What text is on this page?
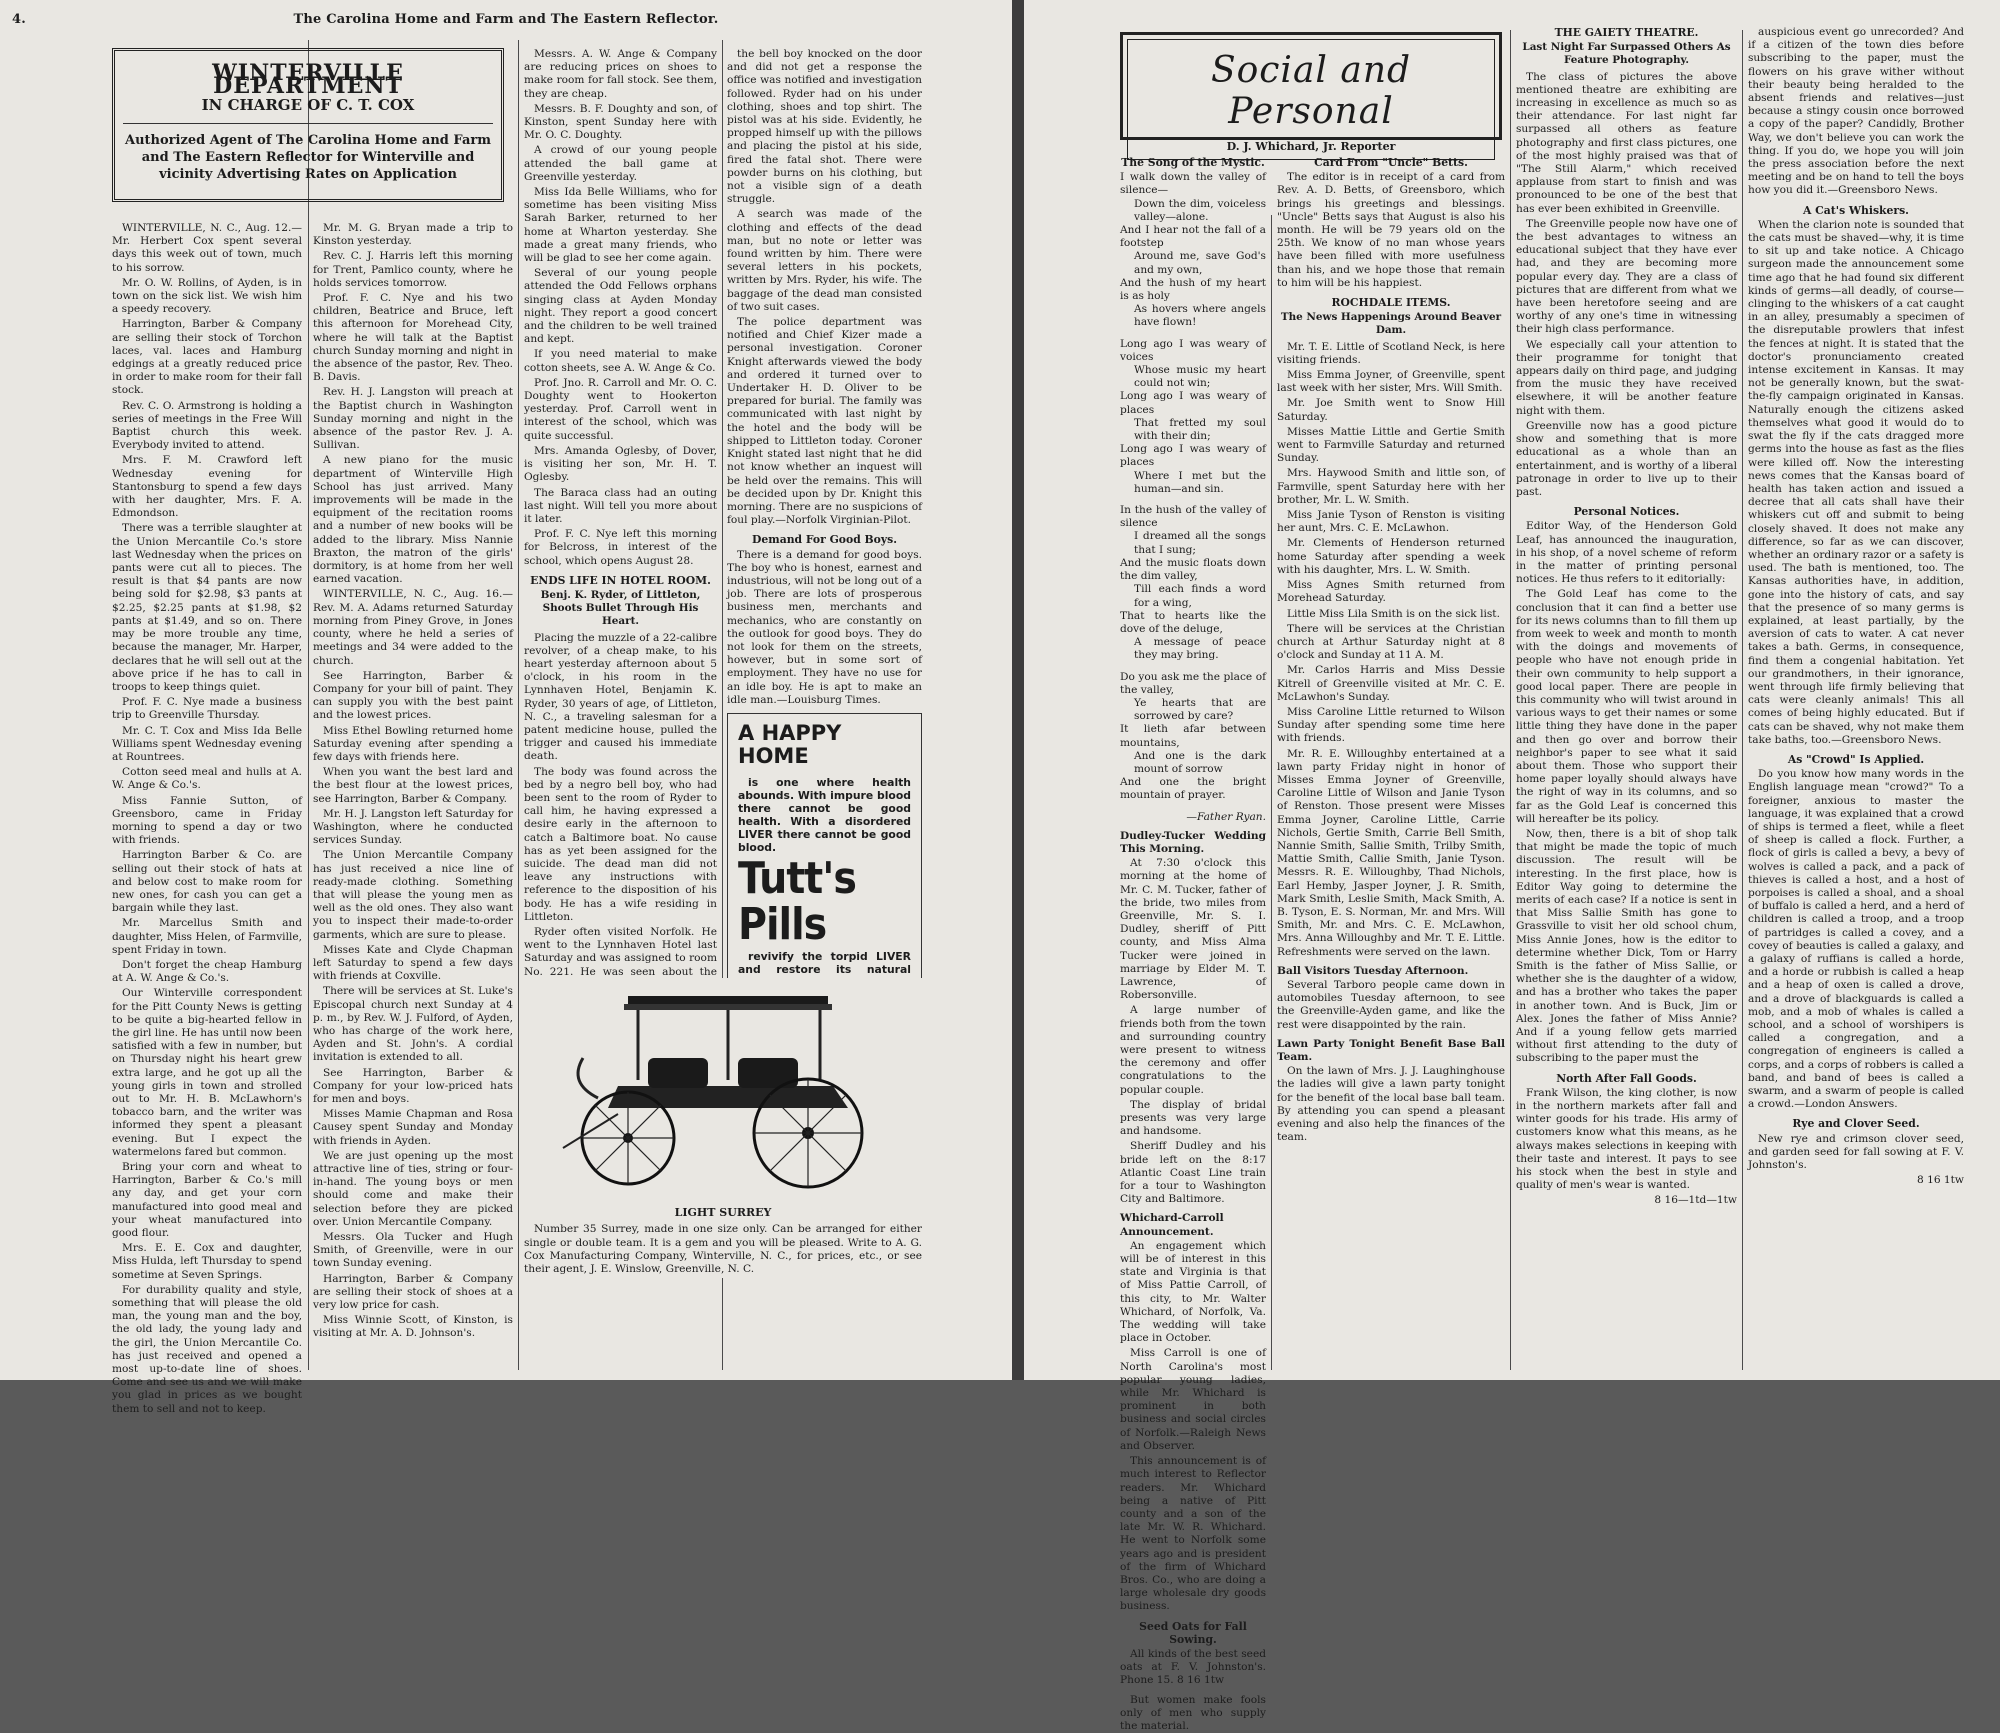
4.	The Carolina Home and Farm and The Eastern Reflector.
WINTERVILLE DEPARTMENT
IN CHARGE OF C. T. COX
Authorized Agent of The Carolina Home and Farm and The Eastern Reflector for Winterville and vicinity Advertising Rates on Application

WINTERVILLE, N. C., Aug. 12.—Mr. Herbert Cox spent several days this week out of town, much to his sorrow.

Mr. O. W. Rollins, of Ayden, is in town on the sick list. We wish him a speedy recovery.

Harrington, Barber & Company are selling their stock of Torchon laces, val. laces and Hamburg edgings at a greatly reduced price in order to make room for their fall stock.

Rev. C. O. Armstrong is holding a series of meetings in the Free Will Baptist church this week. Everybody invited to attend.

Mrs. F. M. Crawford left Wednesday evening for Stantonsburg to spend a few days with her daughter, Mrs. F. A. Edmondson.

There was a terrible slaughter at the Union Mercantile Co.'s store last Wednesday when the prices on pants were cut all to pieces. The result is that $4 pants are now being sold for $2.98, $3 pants at $2.25, $2.25 pants at $1.98, $2 pants at $1.49, and so on. There may be more trouble any time, because the manager, Mr. Harper, declares that he will sell out at the above price if he has to call in troops to keep things quiet.

Prof. F. C. Nye made a business trip to Greenville Thursday.

Mr. C. T. Cox and Miss Ida Belle Williams spent Wednesday evening at Rountrees.

Cotton seed meal and hulls at A. W. Ange & Co.'s.

Miss Fannie Sutton, of Greensboro, came in Friday morning to spend a day or two with friends.

Harrington Barber & Co. are selling out their stock of hats at and below cost to make room for new ones, for cash you can get a bargain while they last.

Mr. Marcellus Smith and daughter, Miss Helen, of Farmville, spent Friday in town.

Don't forget the cheap Hamburg at A. W. Ange & Co.'s.

Our Winterville correspondent for the Pitt County News is getting to be quite a big-hearted fellow in the girl line. He has until now been satisfied with a few in number, but on Thursday night his heart grew extra large, and he got up all the young girls in town and strolled out to Mr. H. B. McLawhorn's tobacco barn, and the writer was informed they spent a pleasant evening. But I expect the watermelons fared but common.

Bring your corn and wheat to Harrington, Barber & Co.'s mill any day, and get your corn manufactured into good meal and your wheat manufactured into good flour.

Mrs. E. E. Cox and daughter, Miss Hulda, left Thursday to spend sometime at Seven Springs.

For durability quality and style, something that will please the old man, the young man and the boy, the old lady, the young lady and the girl, the Union Mercantile Co. has just received and opened a most up-to-date line of shoes. Come and see us and we will make you glad in prices as we bought them to sell and not to keep.

Mr. M. G. Bryan made a trip to Kinston yesterday.

Rev. C. J. Harris left this morning for Trent, Pamlico county, where he holds services tomorrow.

Prof. F. C. Nye and his two children, Beatrice and Bruce, left this afternoon for Morehead City, where he will talk at the Baptist church Sunday morning and night in the absence of the pastor, Rev. Theo. B. Davis.

Rev. H. J. Langston will preach at the Baptist church in Washington Sunday morning and night in the absence of the pastor Rev. J. A. Sullivan.

A new piano for the music department of Winterville High School has just arrived. Many improvements will be made in the equipment of the recitation rooms and a number of new books will be added to the library. Miss Nannie Braxton, the matron of the girls' dormitory, is at home from her well earned vacation.

WINTERVILLE, N. C., Aug. 16.—Rev. M. A. Adams returned Saturday morning from Piney Grove, in Jones county, where he held a series of meetings and 34 were added to the church.

See Harrington, Barber & Company for your bill of paint. They can supply you with the best paint and the lowest prices.

Miss Ethel Bowling returned home Saturday evening after spending a few days with friends here.

When you want the best lard and the best flour at the lowest prices, see Harrington, Barber & Company.

Mr. H. J. Langston left Saturday for Washington, where he conducted services Sunday.

The Union Mercantile Company has just received a nice line of ready-made clothing. Something that will please the young men as well as the old ones. They also want you to inspect their made-to-order garments, which are sure to please.

Misses Kate and Clyde Chapman left Saturday to spend a few days with friends at Coxville.

There will be services at St. Luke's Episcopal church next Sunday at 4 p. m., by Rev. W. J. Fulford, of Ayden, who has charge of the work here, Ayden and St. John's. A cordial invitation is extended to all.

See Harrington, Barber & Company for your low-priced hats for men and boys.

Misses Mamie Chapman and Rosa Causey spent Sunday and Monday with friends in Ayden.

We are just opening up the most attractive line of ties, string or four-in-hand. The young boys or men should come and make their selection before they are picked over. Union Mercantile Company.

Messrs. Ola Tucker and Hugh Smith, of Greenville, were in our town Sunday evening.

Harrington, Barber & Company are selling their stock of shoes at a very low price for cash.

Miss Winnie Scott, of Kinston, is visiting at Mr. A. D. Johnson's.

Messrs. A. W. Ange & Company are reducing prices on shoes to make room for fall stock. See them, they are cheap.

Messrs. B. F. Doughty and son, of Kinston, spent Sunday here with Mr. O. C. Doughty.

A crowd of our young people attended the ball game at Greenville yesterday.

Miss Ida Belle Williams, who for sometime has been visiting Miss Sarah Barker, returned to her home at Wharton yesterday. She made a great many friends, who will be glad to see her come again.

Several of our young people attended the Odd Fellows orphans singing class at Ayden Monday night. They report a good concert and the children to be well trained and kept.

If you need material to make cotton sheets, see A. W. Ange & Co.

Prof. Jno. R. Carroll and Mr. O. C. Doughty went to Hookerton yesterday. Prof. Carroll went in interest of the school, which was quite successful.

Mrs. Amanda Oglesby, of Dover, is visiting her son, Mr. H. T. Oglesby.

The Baraca class had an outing last night. Will tell you more about it later.

Prof. F. C. Nye left this morning for Belcross, in interest of the school, which opens August 28.

ENDS LIFE IN HOTEL ROOM.
Benj. K. Ryder, of Littleton, Shoots Bullet Through His Heart.

Placing the muzzle of a 22-calibre revolver, of a cheap make, to his heart yesterday afternoon about 5 o'clock, in his room in the Lynnhaven Hotel, Benjamin K. Ryder, 30 years of age, of Littleton, N. C., a traveling salesman for a patent medicine house, pulled the trigger and caused his immediate death.

The body was found across the bed by a negro bell boy, who had been sent to the room of Ryder to call him, he having expressed a desire early in the afternoon to catch a Baltimore boat. No cause has as yet been assigned for the suicide. The dead man did not leave any instructions with reference to the disposition of his body. He has a wife residing in Littleton.

Ryder often visited Norfolk. He went to the Lynnhaven Hotel last Saturday and was assigned to room No. 221. He was seen about the

the bell boy knocked on the door and did not get a response the office was notified and investigation followed. Ryder had on his under clothing, shoes and top shirt. The pistol was at his side. Evidently, he propped himself up with the pillows and placing the pistol at his side, fired the fatal shot. There were powder burns on his clothing, but not a visible sign of a death struggle.

A search was made of the clothing and effects of the dead man, but no note or letter was found written by him. There were several letters in his pockets, written by Mrs. Ryder, his wife. The baggage of the dead man consisted of two suit cases.

The police department was notified and Chief Kizer made a personal investigation. Coroner Knight afterwards viewed the body and ordered it turned over to Undertaker H. D. Oliver to be prepared for burial. The family was communicated with last night by the hotel and the body will be shipped to Littleton today. Coroner Knight stated last night that he did not know whether an inquest will be held over the remains. This will be decided upon by Dr. Knight this morning. There are no suspicions of foul play.—Norfolk Virginian-Pilot.

Demand For Good Boys.

There is a demand for good boys. The boy who is honest, earnest and industrious, will not be long out of a job. There are lots of prosperous business men, merchants and mechanics, who are constantly on the outlook for good boys. They do not look for them on the streets, however, but in some sort of employment. They have no use for an idle boy. He is apt to make an idle man.—Louisburg Times.

A HAPPY HOME

is one where health abounds. With impure blood there cannot be good health. With a disordered LIVER there cannot be good blood.

Tutt's Pills

revivify the torpid LIVER and restore its natural

LIGHT SURREY

Number 35 Surrey, made in one size only. Can be arranged for either single or double team. It is a gem and you will be pleased. Write to A. G. Cox Manufacturing Company, Winterville, N. C., for prices, etc., or see their agent, J. E. Winslow, Greenville, N. C.

Social and Personal
D. J. Whichard, Jr. Reporter
The Song of the Mystic.
I walk down the valley of silence—
Down the dim, voiceless valley—alone.
And I hear not the fall of a footstep
Around me, save God's and my own,
And the hush of my heart is as holy
As hovers where angels have flown!
Long ago I was weary of voices
Whose music my heart could not win;
Long ago I was weary of places
That fretted my soul with their din;
Long ago I was weary of places
Where I met but the human—and sin.
In the hush of the valley of silence
I dreamed all the songs that I sung;
And the music floats down the dim valley,
Till each finds a word for a wing,
That to hearts like the dove of the deluge,
A message of peace they may bring.
Do you ask me the place of the valley,
Ye hearts that are sorrowed by care?
It lieth afar between mountains,
And one is the dark mount of sorrow
And one the bright mountain of prayer.
—Father Ryan.
Dudley-Tucker Wedding This Morning.

At 7:30 o'clock this morning at the home of Mr. C. M. Tucker, father of the bride, two miles from Greenville, Mr. S. I. Dudley, sheriff of Pitt county, and Miss Alma Tucker were joined in marriage by Elder M. T. Lawrence, of Robersonville.

A large number of friends both from the town and surrounding country were present to witness the ceremony and offer congratulations to the popular couple.

The display of bridal presents was very large and handsome.

Sheriff Dudley and his bride left on the 8:17 Atlantic Coast Line train for a tour to Washington City and Baltimore.

Whichard-Carroll Announcement.

An engagement which will be of interest in this state and Virginia is that of Miss Pattie Carroll, of this city, to Mr. Walter Whichard, of Norfolk, Va. The wedding will take place in October.

Miss Carroll is one of North Carolina's most popular young ladies, while Mr. Whichard is prominent in both business and social circles of Norfolk.—Raleigh News and Observer.

This announcement is of much interest to Reflector readers. Mr. Whichard being a native of Pitt county and a son of the late Mr. W. R. Whichard. He went to Norfolk some years ago and is president of the firm of Whichard Bros. Co., who are doing a large wholesale dry goods business.

Seed Oats for Fall Sowing.

All kinds of the best seed oats at F. V. Johnston's. Phone 15. 8 16 1tw

But women make fools only of men who supply the material.

Card From "Uncle" Betts.

The editor is in receipt of a card from Rev. A. D. Betts, of Greensboro, which brings his greetings and blessings. "Uncle" Betts says that August is also his month. He will be 79 years old on the 25th. We know of no man whose years have been filled with more usefulness than his, and we hope those that remain to him will be his happiest.

ROCHDALE ITEMS.
The News Happenings Around Beaver Dam.

Mr. T. E. Little of Scotland Neck, is here visiting friends.

Miss Emma Joyner, of Greenville, spent last week with her sister, Mrs. Will Smith.

Mr. Joe Smith went to Snow Hill Saturday.

Misses Mattie Little and Gertie Smith went to Farmville Saturday and returned Sunday.

Mrs. Haywood Smith and little son, of Farmville, spent Saturday here with her brother, Mr. L. W. Smith.

Miss Janie Tyson of Renston is visiting her aunt, Mrs. C. E. McLawhon.

Mr. Clements of Henderson returned home Saturday after spending a week with his daughter, Mrs. L. W. Smith.

Miss Agnes Smith returned from Morehead Saturday.

Little Miss Lila Smith is on the sick list.

There will be services at the Christian church at Arthur Saturday night at 8 o'clock and Sunday at 11 A. M.

Mr. Carlos Harris and Miss Dessie Kitrell of Greenville visited at Mr. C. E. McLawhon's Sunday.

Miss Caroline Little returned to Wilson Sunday after spending some time here with friends.

Mr. R. E. Willoughby entertained at a lawn party Friday night in honor of Misses Emma Joyner of Greenville, Caroline Little of Wilson and Janie Tyson of Renston. Those present were Misses Emma Joyner, Caroline Little, Carrie Nichols, Gertie Smith, Carrie Bell Smith, Nannie Smith, Sallie Smith, Trilby Smith, Mattie Smith, Callie Smith, Janie Tyson. Messrs. R. E. Willoughby, Thad Nichols, Earl Hemby, Jasper Joyner, J. R. Smith, Mark Smith, Leslie Smith, Mack Smith, A. B. Tyson, E. S. Norman, Mr. and Mrs. Will Smith, Mr. and Mrs. C. E. McLawhon, Mrs. Anna Willoughby and Mr. T. E. Little. Refreshments were served on the lawn.

Ball Visitors Tuesday Afternoon.

Several Tarboro people came down in automobiles Tuesday afternoon, to see the Greenville-Ayden game, and like the rest were disappointed by the rain.

Lawn Party Tonight Benefit Base Ball Team.

On the lawn of Mrs. J. J. Laughinghouse the ladies will give a lawn party tonight for the benefit of the local base ball team. By attending you can spend a pleasant evening and also help the finances of the team.

THE GAIETY THEATRE.
Last Night Far Surpassed Others As Feature Photography.

The class of pictures the above mentioned theatre are exhibiting are increasing in excellence as much so as their attendance. For last night far surpassed all others as feature photography and first class pictures, one of the most highly praised was that of "The Still Alarm," which received applause from start to finish and was pronounced to be one of the best that has ever been exhibited in Greenville.

The Greenville people now have one of the best advantages to witness an educational subject that they have ever had, and they are becoming more popular every day. They are a class of pictures that are different from what we have been heretofore seeing and are worthy of any one's time in witnessing their high class performance.

We especially call your attention to their programme for tonight that appears daily on third page, and judging from the music they have received elsewhere, it will be another feature night with them.

Greenville now has a good picture show and something that is more educational as a whole than an entertainment, and is worthy of a liberal patronage in order to live up to their past.

Personal Notices.

Editor Way, of the Henderson Gold Leaf, has announced the inauguration, in his shop, of a novel scheme of reform in the matter of printing personal notices. He thus refers to it editorially:

The Gold Leaf has come to the conclusion that it can find a better use for its news columns than to fill them up from week to week and month to month with the doings and movements of people who have not enough pride in their own community to help support a good local paper. There are people in this community who will twist around in various ways to get their names or some little thing they have done in the paper and then go over and borrow their neighbor's paper to see what it said about them. Those who support their home paper loyally should always have the right of way in its columns, and so far as the Gold Leaf is concerned this will hereafter be its policy.

Now, then, there is a bit of shop talk that might be made the topic of much discussion. The result will be interesting. In the first place, how is Editor Way going to determine the merits of each case? If a notice is sent in that Miss Sallie Smith has gone to Grassville to visit her old school chum, Miss Annie Jones, how is the editor to determine whether Dick, Tom or Harry Smith is the father of Miss Sallie, or whether she is the daughter of a widow, and has a brother who takes the paper in another town. And is Buck, Jim or Alex. Jones the father of Miss Annie? And if a young fellow gets married without first attending to the duty of subscribing to the paper must the

North After Fall Goods.

Frank Wilson, the king clother, is now in the northern markets after fall and winter goods for his trade. His army of customers know what this means, as he always makes selections in keeping with their taste and interest. It pays to see his stock when the best in style and quality of men's wear is wanted.

8 16—1td—1tw

auspicious event go unrecorded? And if a citizen of the town dies before subscribing to the paper, must the flowers on his grave wither without their beauty being heralded to the absent friends and relatives—just because a stingy cousin once borrowed a copy of the paper? Candidly, Brother Way, we don't believe you can work the thing. If you do, we hope you will join the press association before the next meeting and be on hand to tell the boys how you did it.—Greensboro News.

A Cat's Whiskers.

When the clarion note is sounded that the cats must be shaved—why, it is time to sit up and take notice. A Chicago surgeon made the announcement some time ago that he had found six different kinds of germs—all deadly, of course—clinging to the whiskers of a cat caught in an alley, presumably a specimen of the disreputable prowlers that infest the fences at night. It is stated that the doctor's pronunciamento created intense excitement in Kansas. It may not be generally known, but the swat-the-fly campaign originated in Kansas. Naturally enough the citizens asked themselves what good it would do to swat the fly if the cats dragged more germs into the house as fast as the flies were killed off. Now the interesting news comes that the Kansas board of health has taken action and issued a decree that all cats shall have their whiskers cut off and submit to being closely shaved. It does not make any difference, so far as we can discover, whether an ordinary razor or a safety is used. The bath is mentioned, too. The Kansas authorities have, in addition, gone into the history of cats, and say that the presence of so many germs is explained, at least partially, by the aversion of cats to water. A cat never takes a bath. Germs, in consequence, find them a congenial habitation. Yet our grandmothers, in their ignorance, went through life firmly believing that cats were cleanly animals! This all comes of being highly educated. But if cats can be shaved, why not make them take baths, too.—Greensboro News.

As "Crowd" Is Applied.

Do you know how many words in the English language mean "crowd?" To a foreigner, anxious to master the language, it was explained that a crowd of ships is termed a fleet, while a fleet of sheep is called a flock. Further, a flock of girls is called a bevy, a bevy of wolves is called a pack, and a pack of thieves is called a host, and a host of porpoises is called a shoal, and a shoal of buffalo is called a herd, and a herd of children is called a troop, and a troop of partridges is called a covey, and a covey of beauties is called a galaxy, and a galaxy of ruffians is called a horde, and a horde or rubbish is called a heap and a heap of oxen is called a drove, and a drove of blackguards is called a mob, and a mob of whales is called a school, and a school of worshipers is called a congregation, and a congregation of engineers is called a corps, and a corps of robbers is called a band, and band of bees is called a swarm, and a swarm of people is called a crowd.—London Answers.

Rye and Clover Seed.

New rye and crimson clover seed, and garden seed for fall sowing at F. V. Johnston's.

8 16 1tw
